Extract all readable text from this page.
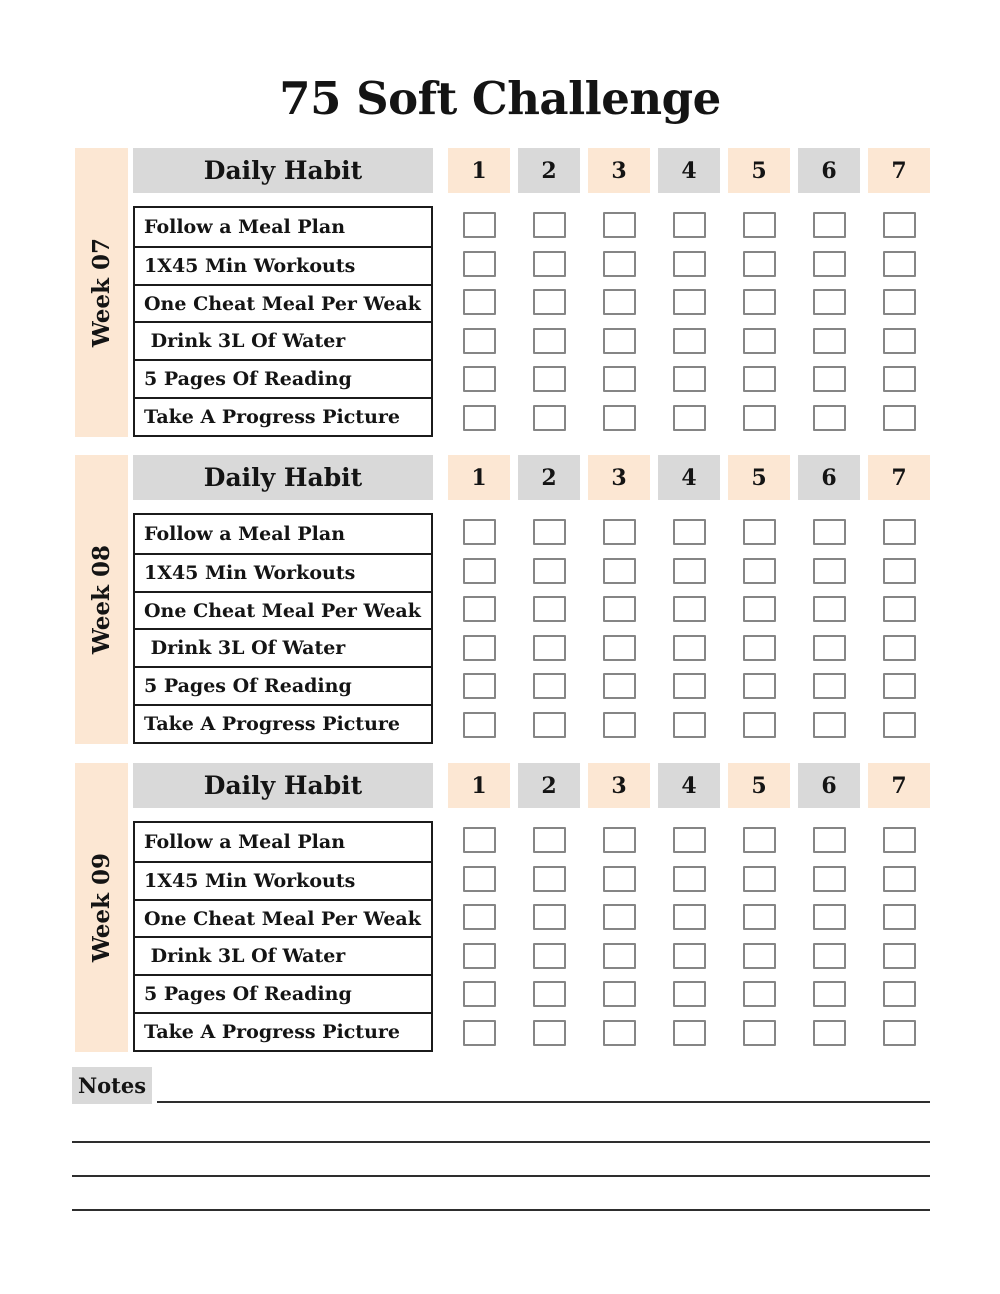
75 Soft Challenge
Week 07
Daily Habit	1	2	3	4	5	6	7
Follow a Meal Plan
1X45 Min Workouts
One Cheat Meal Per Weak
Drink 3L Of Water
5 Pages Of Reading
Take A Progress Picture
Week 08
Daily Habit	1	2	3	4	5	6	7
Follow a Meal Plan
1X45 Min Workouts
One Cheat Meal Per Weak
Drink 3L Of Water
5 Pages Of Reading
Take A Progress Picture
Week 09
Daily Habit	1	2	3	4	5	6	7
Follow a Meal Plan
1X45 Min Workouts
One Cheat Meal Per Weak
Drink 3L Of Water
5 Pages Of Reading
Take A Progress Picture
Notes
